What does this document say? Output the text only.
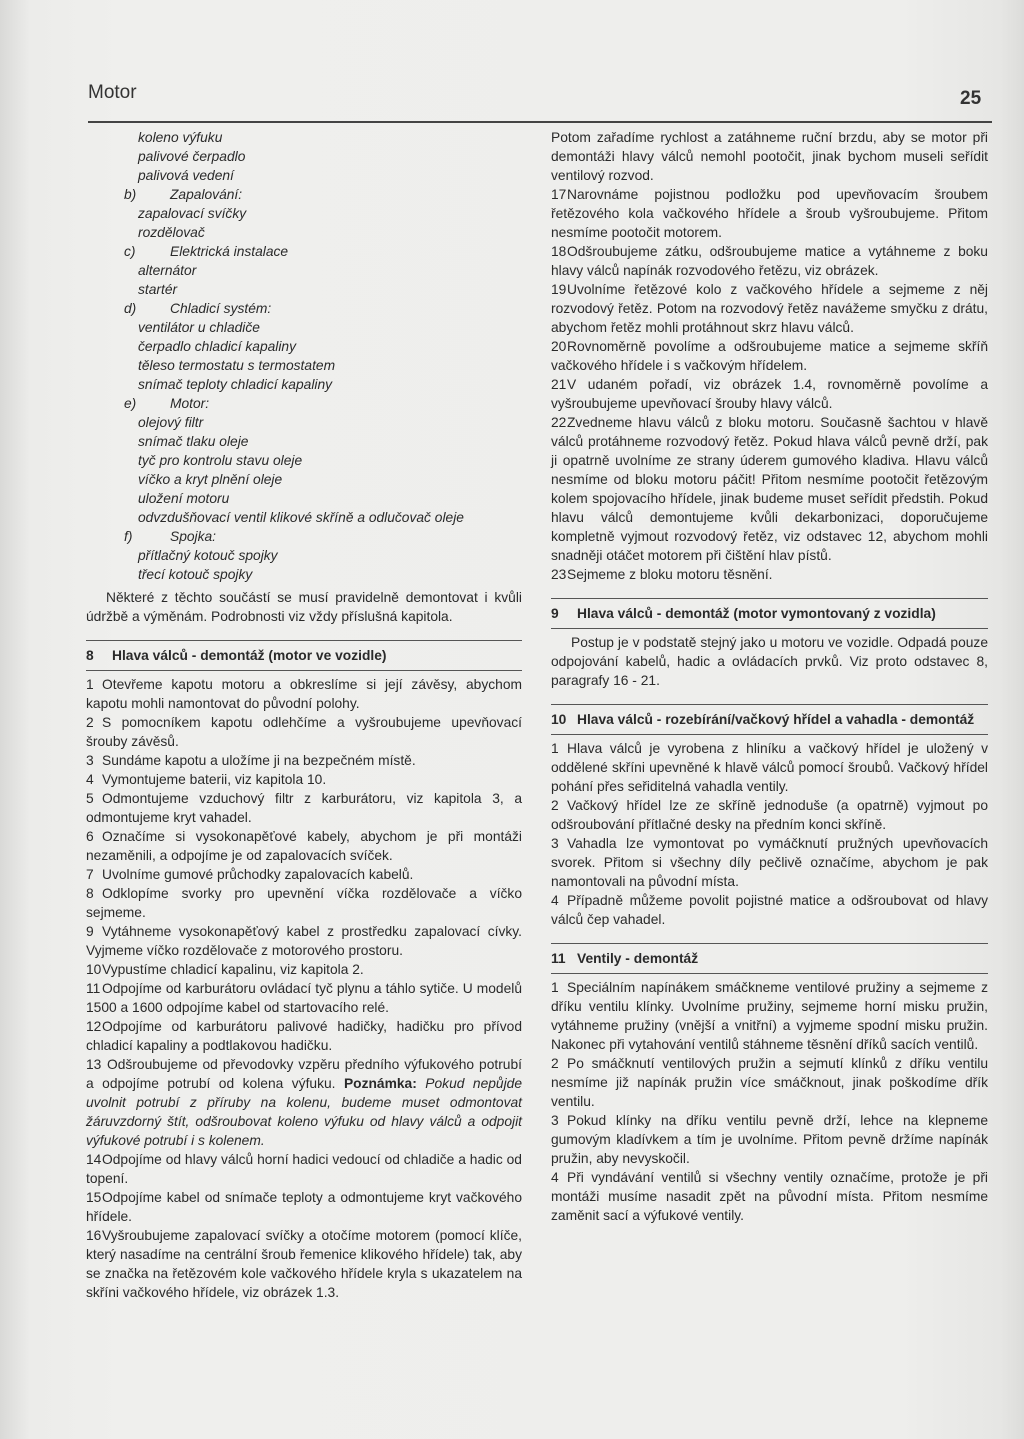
Motor	25
koleno výfuku
palivové čerpadlo
palivová vedení
b) Zapalování:
zapalovací svíčky
rozdělovač
c)	Elektrická instalace
alternátor
startér
d) Chladicí systém:
ventilátor u chladiče
čerpadlo chladicí kapaliny
těleso termostatu s termostatem
snímač teploty chladicí kapaliny
e) Motor:
olejový filtr
snímač tlaku oleje
tyč pro kontrolu stavu oleje
víčko a kryt plnění oleje
uložení motoru
odvzdušňovací ventil klikové skříně a odlučovač oleje
f)	Spojka:
přítlačný kotouč spojky
třecí kotouč spojky

Některé z těchto součástí se musí pravidelně demontovat i kvůli údržbě a výměnám. Podrobnosti viz vždy příslušná kapitola.

8	Hlava válců - demontáž (motor ve vozidle)

1 Otevřeme kapotu motoru a obkreslíme si její závěsy, abychom kapotu mohli namontovat do původní polohy.

2 S pomocníkem kapotu odlehčíme a vyšroubujeme upevňovací šrouby závěsů.

3 Sundáme kapotu a uložíme ji na bezpečném místě.

4 Vymontujeme baterii, viz kapitola 10.

5 Odmontujeme vzduchový filtr z karburátoru, viz kapitola 3, a odmontujeme kryt vahadel.

6 Označíme si vysokonapěťové kabely, abychom je při montáži nezaměnili, a odpojíme je od zapalovacích svíček.

7 Uvolníme gumové průchodky zapalovacích kabelů.

8 Odklopíme svorky pro upevnění víčka rozdělovače a víčko sejmeme.

9 Vytáhneme vysokonapěťový kabel z prostředku zapalovací cívky. Vyjmeme víčko rozdělovače z motorového prostoru.

10Vypustíme chladicí kapalinu, viz kapitola 2.

11 Odpojíme od karburátoru ovládací tyč plynu a táhlo sytiče. U modelů 1500 a 1600 odpojíme kabel od startovacího relé.

12Odpojíme od karburátoru palivové hadičky, hadičku pro přívod chladicí kapaliny a podtlakovou hadičku.

13 Odšroubujeme od převodovky vzpěru předního výfukového potrubí a odpojíme potrubí od kolena výfuku. Poznámka: Pokud nepůjde uvolnit potrubí z příruby na kolenu, budeme muset odmontovat žáruvzdorný štít, odšroubovat koleno výfuku od hlavy válců a odpojit výfukové potrubí i s kolenem.

14Odpojíme od hlavy válců horní hadici vedoucí od chladiče a hadic od topení.

15Odpojíme kabel od snímače teploty a odmontujeme kryt vačkového hřídele.

16Vyšroubujeme zapalovací svíčky a otočíme motorem (pomocí klíče, který nasadíme na centrální šroub řemenice klikového hřídele) tak, aby se značka na řetězovém kole vačkového hřídele kryla s ukazatelem na skříni vačkového hřídele, viz obrázek 1.3.

Potom zařadíme rychlost a zatáhneme ruční brzdu, aby se motor při demontáži hlavy válců nemohl pootočit, jinak bychom museli seřídit ventilový rozvod.

17Narovnáme pojistnou podložku pod upevňovacím šroubem řetězového kola vačkového hřídele a šroub vyšroubujeme. Přitom nesmíme pootočit motorem.

18Odšroubujeme zátku, odšroubujeme matice a vytáhneme z boku hlavy válců napínák rozvodového řetězu, viz obrázek.

19Uvolníme řetězové kolo z vačkového hřídele a sejmeme z něj rozvodový řetěz. Potom na rozvodový řetěz navážeme smyčku z drátu, abychom řetěz mohli protáhnout skrz hlavu válců.

20Rovnoměrně povolíme a odšroubujeme matice a sejmeme skříň vačkového hřídele i s vačkovým hřídelem.

21V udaném pořadí, viz obrázek 1.4, rovnoměrně povolíme a vyšroubujeme upevňovací šrouby hlavy válců.

22Zvedneme hlavu válců z bloku motoru. Současně šachtou v hlavě válců protáhneme rozvodový řetěz. Pokud hlava válců pevně drží, pak ji opatrně uvolníme ze strany úderem gumového kladiva. Hlavu válců nesmíme od bloku motoru páčit! Přitom nesmíme pootočit řetězovým kolem spojovacího hřídele, jinak budeme muset seřídit předstih. Pokud hlavu válců demontujeme kvůli dekarbonizaci, doporučujeme kompletně vyjmout rozvodový řetěz, viz odstavec 12, abychom mohli snadněji otáčet motorem při čištění hlav pístů.

23Sejmeme z bloku motoru těsnění.

9	Hlava válců - demontáž (motor vymontovaný z vozidla)

Postup je v podstatě stejný jako u motoru ve vozidle. Odpadá pouze odpojování kabelů, hadic a ovládacích prvků. Viz proto odstavec 8, paragrafy 16 - 21.

10 Hlava válců - rozebírání/vačkový hřídel a vahadla - demontáž

1 Hlava válců je vyrobena z hliníku a vačkový hřídel je uložený v oddělené skříni upevněné k hlavě válců pomocí šroubů. Vačkový hřídel pohání přes seřiditelná vahadla ventily.

2 Vačkový hřídel lze ze skříně jednoduše (a opatrně) vyjmout po odšroubování přítlačné desky na předním konci skříně.

3 Vahadla lze vymontovat po vymáčknutí pružných upevňovacích svorek. Přitom si všechny díly pečlivě označíme, abychom je pak namontovali na původní místa.

4 Případně můžeme povolit pojistné matice a odšroubovat od hlavy válců čep vahadel.

11 Ventily - demontáž

1 Speciálním napínákem smáčkneme ventilové pružiny a sejmeme z dříku ventilu klínky. Uvolníme pružiny, sejmeme horní misku pružin, vytáhneme pružiny (vnější a vnitřní) a vyjmeme spodní misku pružin. Nakonec při vytahování ventilů stáhneme těsnění dříků sacích ventilů.

2 Po smáčknutí ventilových pružin a sejmutí klínků z dříku ventilu nesmíme již napínák pružin více smáčknout, jinak poškodíme dřík ventilu.

3 Pokud klínky na dříku ventilu pevně drží, lehce na klepneme gumovým kladívkem a tím je uvolníme. Přitom pevně držíme napínák pružin, aby nevyskočil.

4 Při vyndávání ventilů si všechny ventily označíme, protože je při montáži musíme nasadit zpět na původní místa. Přitom nesmíme zaměnit sací a výfukové ventily.
